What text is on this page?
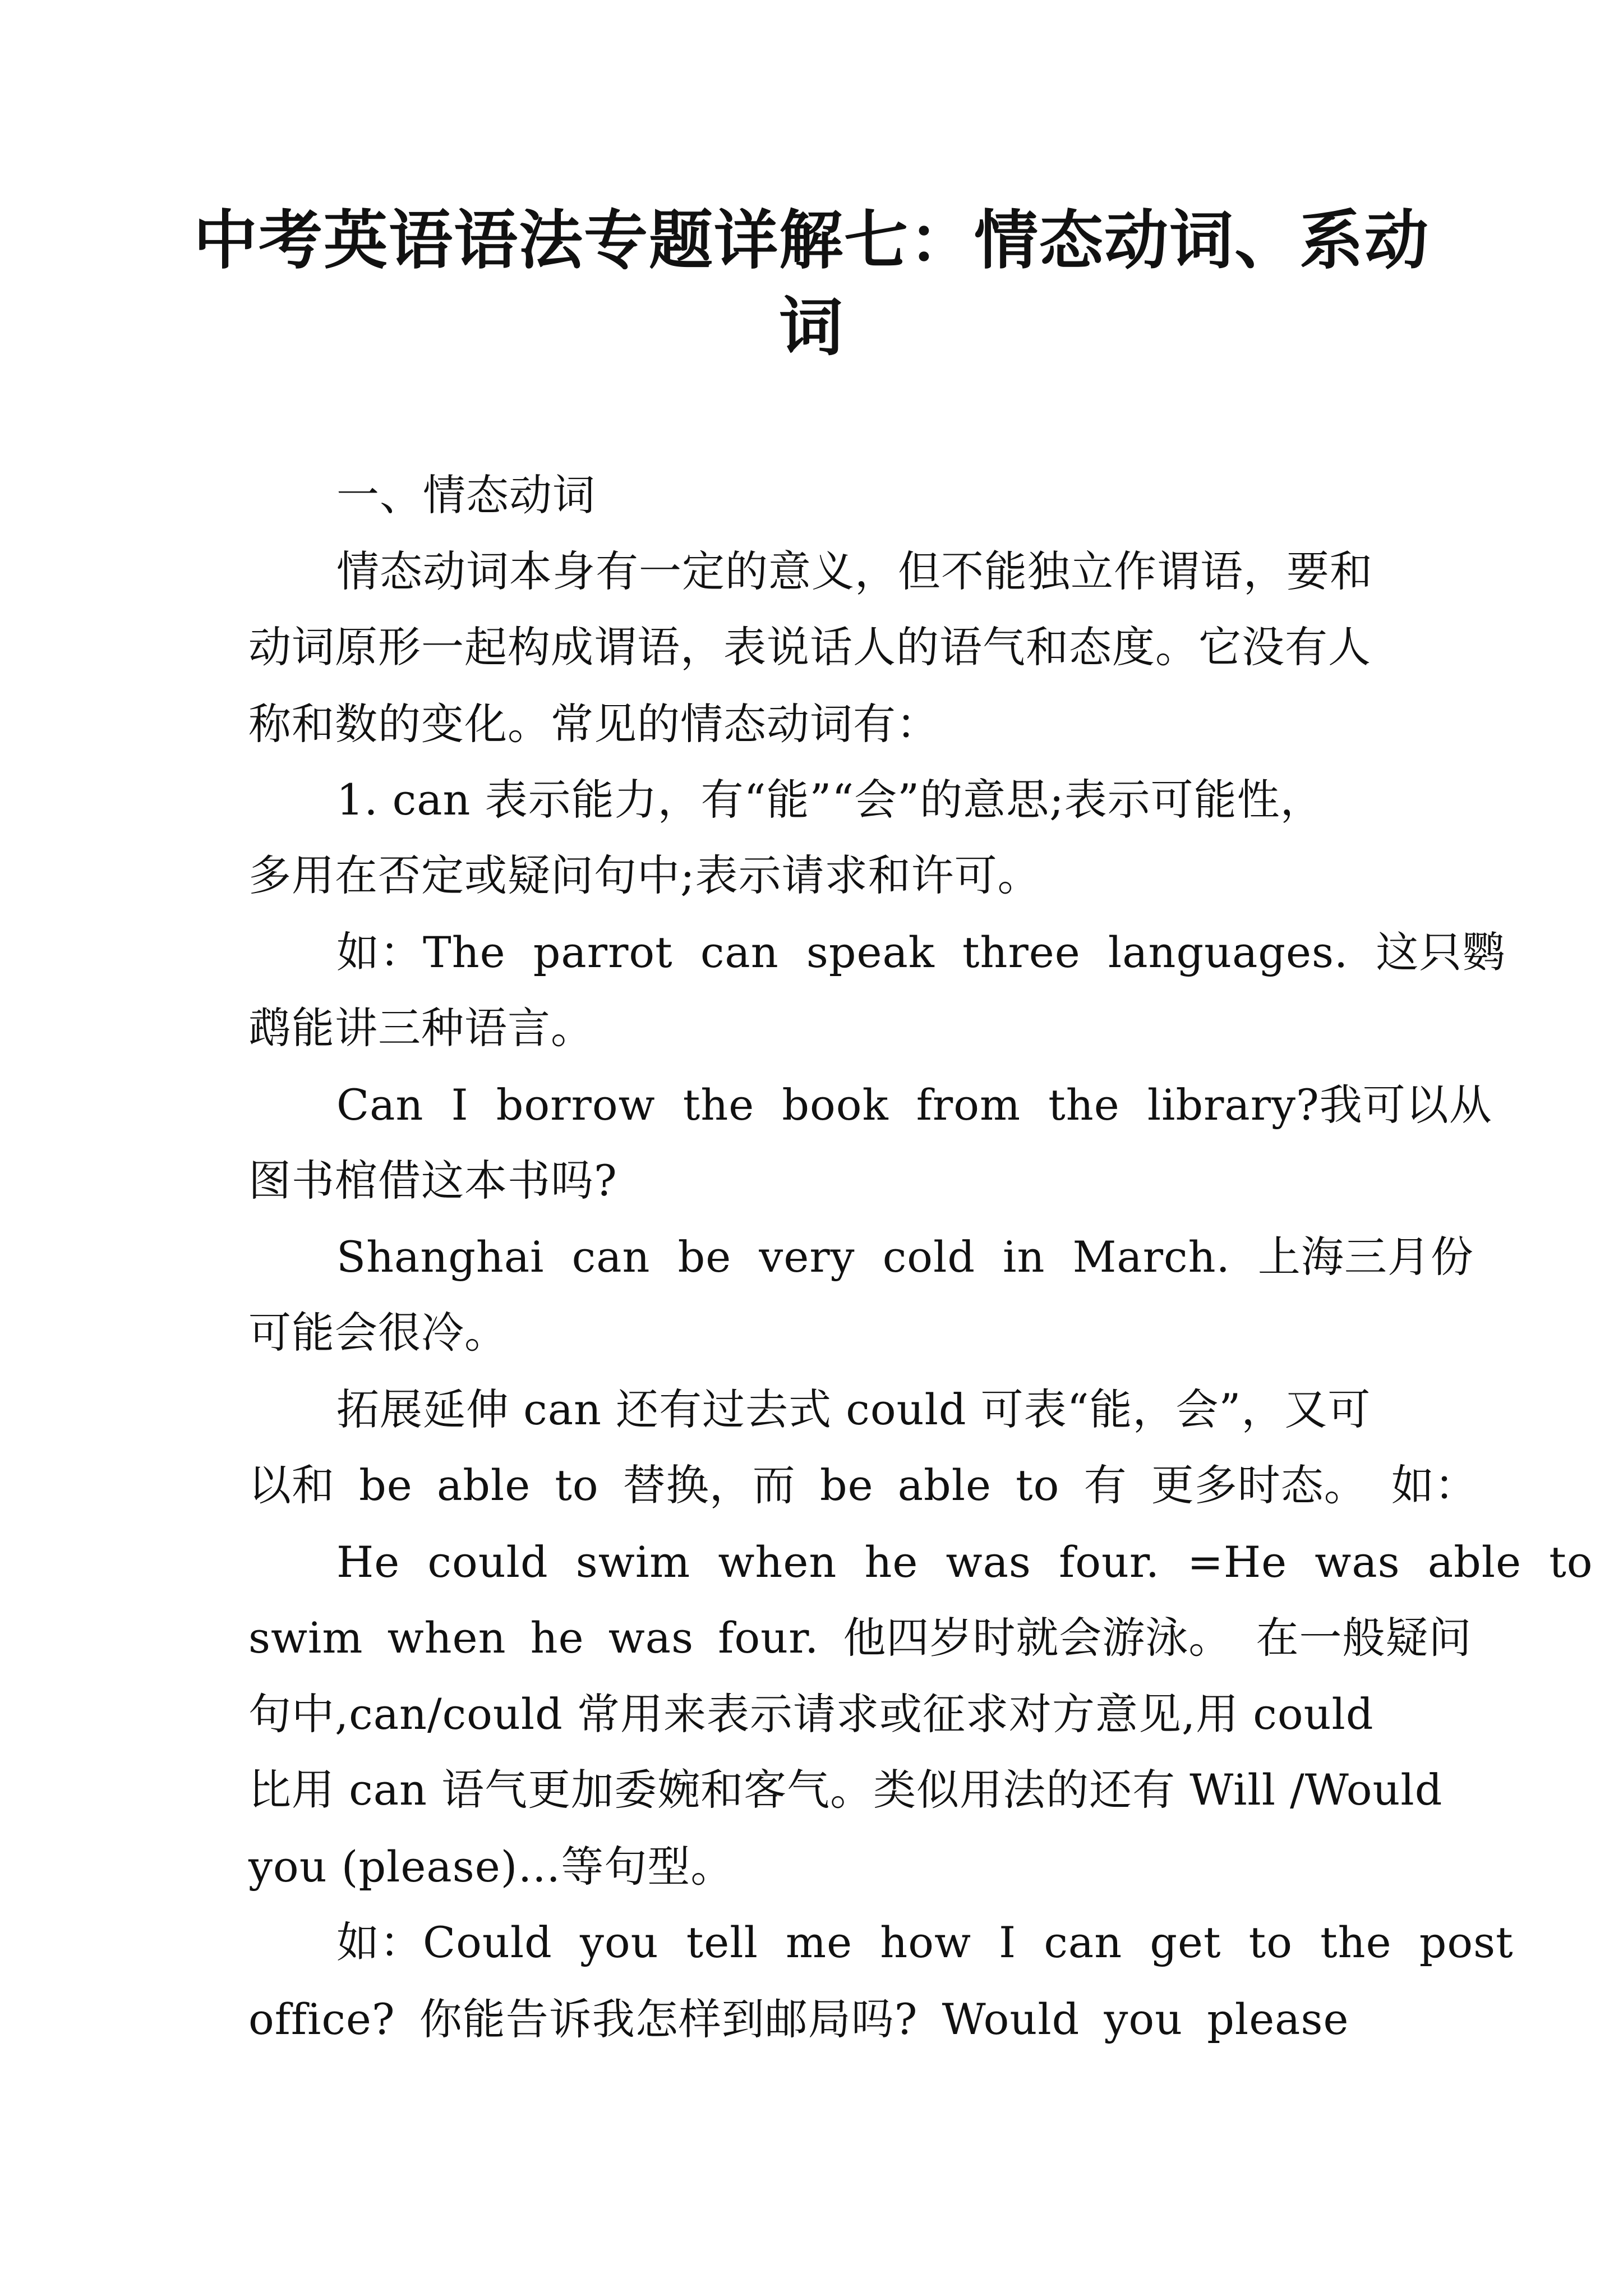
中考英语语法专题详解七：情态动词、系动
词
一、情态动词
情态动词本身有一定的意义，但不能独立作谓语，要和
动词原形一起构成谓语，表说话人的语气和态度。它没有人
称和数的变化。常见的情态动词有：
1. can 表示能力，有“能”“会”的意思;表示可能性，
多用在否定或疑问句中;表示请求和许可。
如：The parrot can speak three languages. 这只鹦
鹉能讲三种语言。
Can I borrow the book from the library?我可以从
图书棺借这本书吗?
Shanghai can be very cold in March. 上海三月份
可能会很冷。
拓展延伸 can 还有过去式 could 可表“能，会”，又可
以和 be able to 替换，而 be able to 有 更多时态。 如：
He could swim when he was four. =He was able to
swim when he was four. 他四岁时就会游泳。 在一般疑问
句中,can/could 常用来表示请求或征求对方意见,用 could
比用 can 语气更加委婉和客气。类似用法的还有 Will /Would
you (please)…等句型。
如：Could you tell me how I can get to the post
office? 你能告诉我怎样到邮局吗? Would you please
